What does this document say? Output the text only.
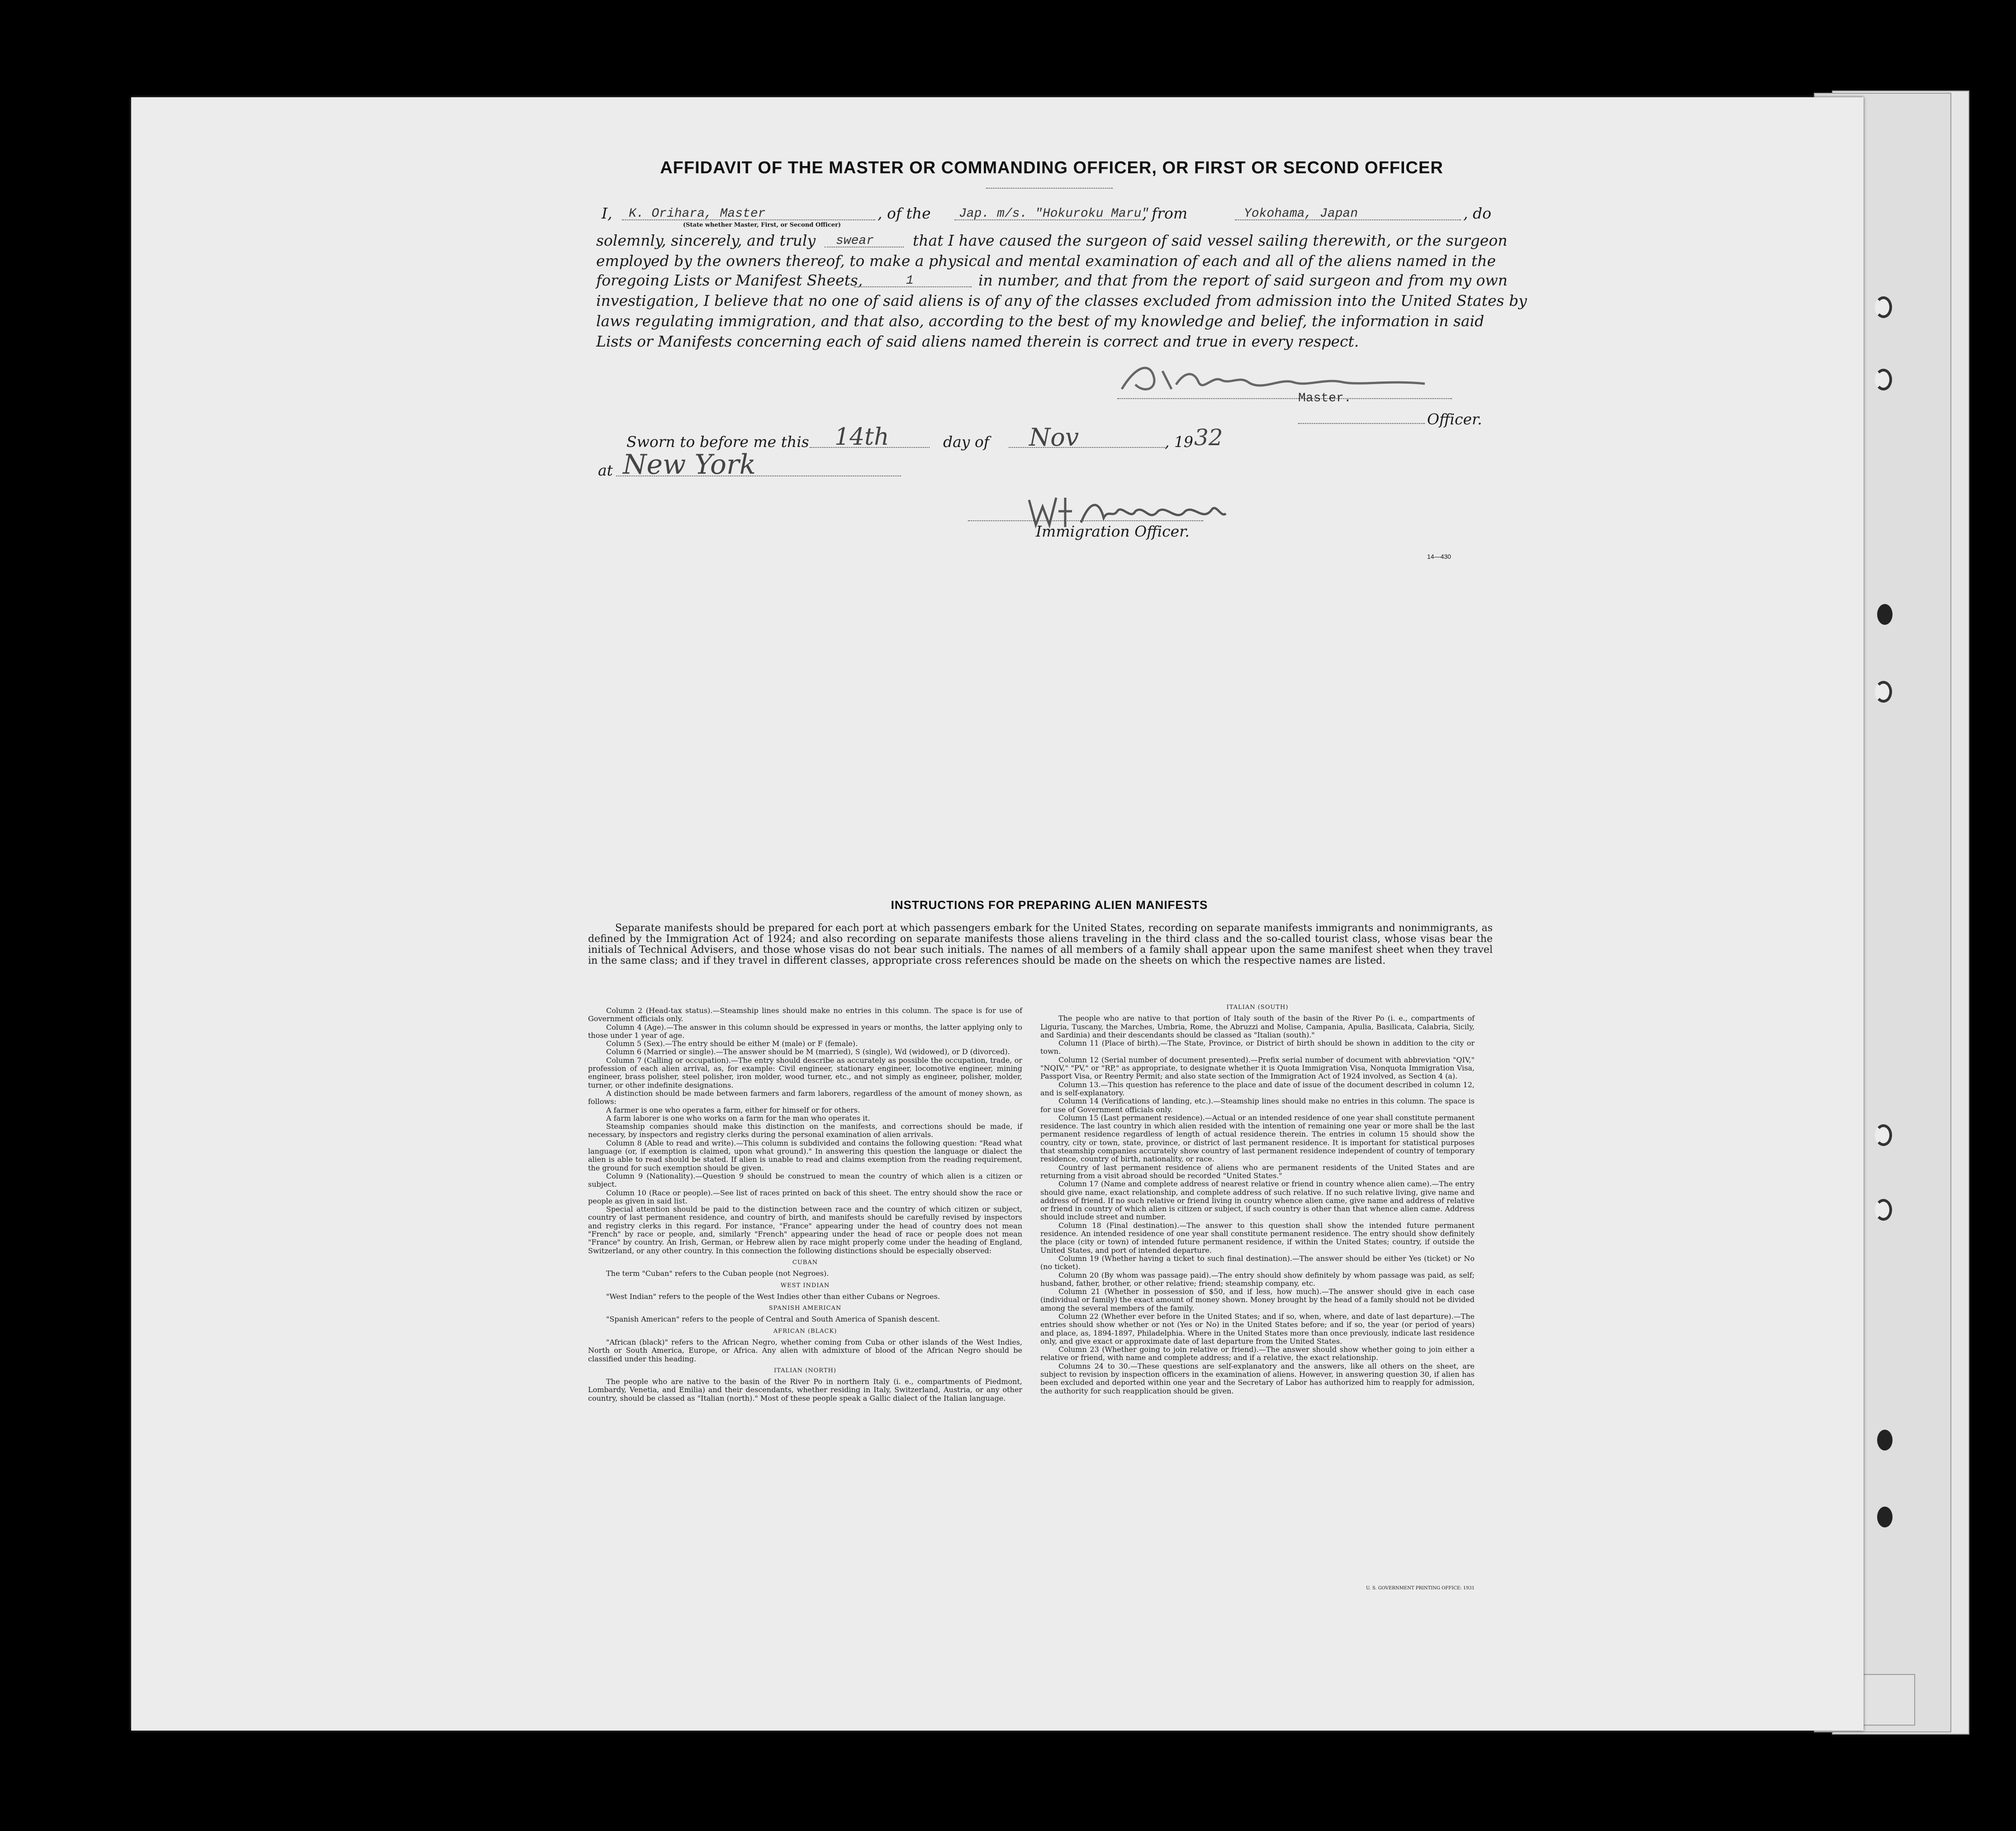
AFFIDAVIT OF THE MASTER OR COMMANDING OFFICER, OR FIRST OR SECOND OFFICER
I, K. Orihara, Master
(State whether Master, First, or Second Officer)
, of the Jap. m/s. "Hokuroku Maru"
, from	Yokohama, Japan	, do
solemnly, sincerely, and truly swear	that I have caused the surgeon of said vessel sailing therewith, or the surgeon
employed by the owners thereof, to make a physical and mental examination of each and all of the aliens named in the
foregoing Lists or Manifest Sheets,	1	in number, and that from the report of said surgeon and from my own
investigation, I believe that no one of said aliens is of any of the classes excluded from admission into the United States by
laws regulating immigration, and that also, according to the best of my knowledge and belief, the information in said
Lists or Manifests concerning each of said aliens named therein is correct and true in every respect.
Master.
Officer.
Sworn to before me this 14th	day of Nov	, 19 32
at New York
Immigration Officer.
14—430
INSTRUCTIONS FOR PREPARING ALIEN MANIFESTS
Separate manifests should be prepared for each port at which passengers embark for the United States, recording on separate manifests immigrants and nonimmigrants, as defined by the Immigration Act of 1924; and also recording on separate manifests those aliens traveling in the third class and the so-called tourist class, whose visas bear the initials of Technical Advisers, and those whose visas do not bear such initials. The names of all members of a family shall appear upon the same manifest sheet when they travel in the same class; and if they travel in different classes, appropriate cross references should be made on the sheets on which the respective names are listed.

Column 2 (Head-tax status).—Steamship lines should make no entries in this column. The space is for use of Government officials only.

Column 4 (Age).—The answer in this column should be expressed in years or months, the latter applying only to those under 1 year of age.

Column 5 (Sex).—The entry should be either M (male) or F (female).

Column 6 (Married or single).—The answer should be M (married), S (single), Wd (widowed), or D (divorced).

Column 7 (Calling or occupation).—The entry should describe as accurately as possible the occupation, trade, or profession of each alien arrival, as, for example: Civil engineer, stationary engineer, locomotive engineer, mining engineer, brass polisher, steel polisher, iron molder, wood turner, etc., and not simply as engineer, polisher, molder, turner, or other indefinite designations.

A distinction should be made between farmers and farm laborers, regardless of the amount of money shown, as follows:

A farmer is one who operates a farm, either for himself or for others.

A farm laborer is one who works on a farm for the man who operates it.

Steamship companies should make this distinction on the manifests, and corrections should be made, if necessary, by inspectors and registry clerks during the personal examination of alien arrivals.

Column 8 (Able to read and write).—This column is subdivided and contains the following question: "Read what language (or, if exemption is claimed, upon what ground)." In answering this question the language or dialect the alien is able to read should be stated. If alien is unable to read and claims exemption from the reading requirement, the ground for such exemption should be given.

Column 9 (Nationality).—Question 9 should be construed to mean the country of which alien is a citizen or subject.

Column 10 (Race or people).—See list of races printed on back of this sheet. The entry should show the race or people as given in said list.

Special attention should be paid to the distinction between race and the country of which citizen or subject, country of last permanent residence, and country of birth, and manifests should be carefully revised by inspectors and registry clerks in this regard. For instance, "France" appearing under the head of country does not mean "French" by race or people, and, similarly "French" appearing under the head of race or people does not mean "France" by country. An Irish, German, or Hebrew alien by race might properly come under the heading of England, Switzerland, or any other country. In this connection the following distinctions should be especially observed:

CUBAN

The term "Cuban" refers to the Cuban people (not Negroes).

WEST INDIAN

"West Indian" refers to the people of the West Indies other than either Cubans or Negroes.

SPANISH AMERICAN

"Spanish American" refers to the people of Central and South America of Spanish descent.

AFRICAN (BLACK)

"African (black)" refers to the African Negro, whether coming from Cuba or other islands of the West Indies, North or South America, Europe, or Africa. Any alien with admixture of blood of the African Negro should be classified under this heading.

ITALIAN (NORTH)

The people who are native to the basin of the River Po in northern Italy (i. e., compartments of Piedmont, Lombardy, Venetia, and Emilia) and their descendants, whether residing in Italy, Switzerland, Austria, or any other country, should be classed as "Italian (north)." Most of these people speak a Gallic dialect of the Italian language.

ITALIAN (SOUTH)

The people who are native to that portion of Italy south of the basin of the River Po (i. e., compartments of Liguria, Tuscany, the Marches, Umbria, Rome, the Abruzzi and Molise, Campania, Apulia, Basilicata, Calabria, Sicily, and Sardinia) and their descendants should be classed as "Italian (south)."

Column 11 (Place of birth).—The State, Province, or District of birth should be shown in addition to the city or town.

Column 12 (Serial number of document presented).—Prefix serial number of document with abbreviation "QIV," "NQIV," "PV," or "RP," as appropriate, to designate whether it is Quota Immigration Visa, Nonquota Immigration Visa, Passport Visa, or Reentry Permit; and also state section of the Immigration Act of 1924 involved, as Section 4 (a).

Column 13.—This question has reference to the place and date of issue of the document described in column 12, and is self-explanatory.

Column 14 (Verifications of landing, etc.).—Steamship lines should make no entries in this column. The space is for use of Government officials only.

Column 15 (Last permanent residence).—Actual or an intended residence of one year shall constitute permanent residence. The last country in which alien resided with the intention of remaining one year or more shall be the last permanent residence regardless of length of actual residence therein. The entries in column 15 should show the country, city or town, state, province, or district of last permanent residence. It is important for statistical purposes that steamship companies accurately show country of last permanent residence independent of country of temporary residence, country of birth, nationality, or race.

Country of last permanent residence of aliens who are permanent residents of the United States and are returning from a visit abroad should be recorded "United States."

Column 17 (Name and complete address of nearest relative or friend in country whence alien came).—The entry should give name, exact relationship, and complete address of such relative. If no such relative living, give name and address of friend. If no such relative or friend living in country whence alien came, give name and address of relative or friend in country of which alien is citizen or subject, if such country is other than that whence alien came. Address should include street and number.

Column 18 (Final destination).—The answer to this question shall show the intended future permanent residence. An intended residence of one year shall constitute permanent residence. The entry should show definitely the place (city or town) of intended future permanent residence, if within the United States; country, if outside the United States, and port of intended departure.

Column 19 (Whether having a ticket to such final destination).—The answer should be either Yes (ticket) or No (no ticket).

Column 20 (By whom was passage paid).—The entry should show definitely by whom passage was paid, as self; husband, father, brother, or other relative; friend; steamship company, etc.

Column 21 (Whether in possession of $50, and if less, how much).—The answer should give in each case (individual or family) the exact amount of money shown. Money brought by the head of a family should not be divided among the several members of the family.

Column 22 (Whether ever before in the United States; and if so, when, where, and date of last departure).—The entries should show whether or not (Yes or No) in the United States before; and if so, the year (or period of years) and place, as, 1894-1897, Philadelphia. Where in the United States more than once previously, indicate last residence only, and give exact or approximate date of last departure from the United States.

Column 23 (Whether going to join relative or friend).—The answer should show whether going to join either a relative or friend, with name and complete address; and if a relative, the exact relationship.

Columns 24 to 30.—These questions are self-explanatory and the answers, like all others on the sheet, are subject to revision by inspection officers in the examination of aliens. However, in answering question 30, if alien has been excluded and deported within one year and the Secretary of Labor has authorized him to reapply for admission, the authority for such reapplication should be given.

U. S. GOVERNMENT PRINTING OFFICE: 1931
